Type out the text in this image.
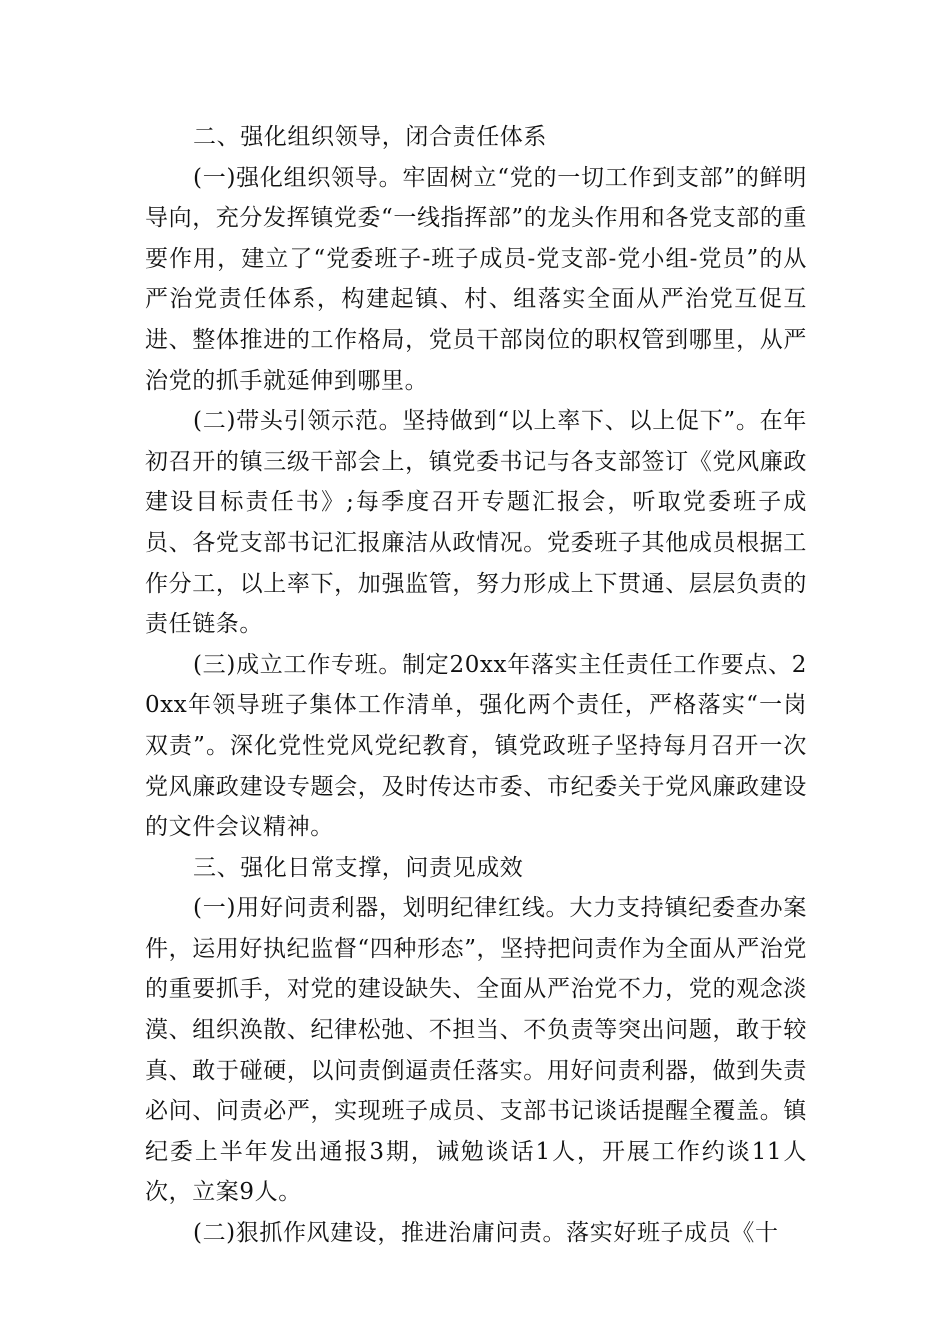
二、强化组织领导，闭合责任体系

(一)强化组织领导。牢固树立“党的一切工作到支部”的鲜明导向，充分发挥镇党委“一线指挥部”的龙头作用和各党支部的重要作用，建立了“党委班子-班子成员-党支部-党小组-党员”的从严治党责任体系，构建起镇、村、组落实全面从严治党互促互进、整体推进的工作格局，党员干部岗位的职权管到哪里，从严治党的抓手就延伸到哪里。

(二)带头引领示范。坚持做到“以上率下、以上促下”。在年初召开的镇三级干部会上，镇党委书记与各支部签订《党风廉政建设目标责任书》;每季度召开专题汇报会，听取党委班子成员、各党支部书记汇报廉洁从政情况。党委班子其他成员根据工作分工，以上率下，加强监管，努力形成上下贯通、层层负责的责任链条。

(三)成立工作专班。制定20xx年落实主任责任工作要点、20xx年领导班子集体工作清单，强化两个责任，严格落实“一岗双责”。深化党性党风党纪教育，镇党政班子坚持每月召开一次党风廉政建设专题会，及时传达市委、市纪委关于党风廉政建设的文件会议精神。

三、强化日常支撑，问责见成效

(一)用好问责利器，划明纪律红线。大力支持镇纪委查办案件，运用好执纪监督“四种形态”，坚持把问责作为全面从严治党的重要抓手，对党的建设缺失、全面从严治党不力，党的观念淡漠、组织涣散、纪律松弛、不担当、不负责等突出问题，敢于较真、敢于碰硬，以问责倒逼责任落实。用好问责利器，做到失责必问、问责必严，实现班子成员、支部书记谈话提醒全覆盖。镇纪委上半年发出通报3期，诫勉谈话1人，开展工作约谈11人次，立案9人。

(二)狠抓作风建设，推进治庸问责。落实好班子成员《十
